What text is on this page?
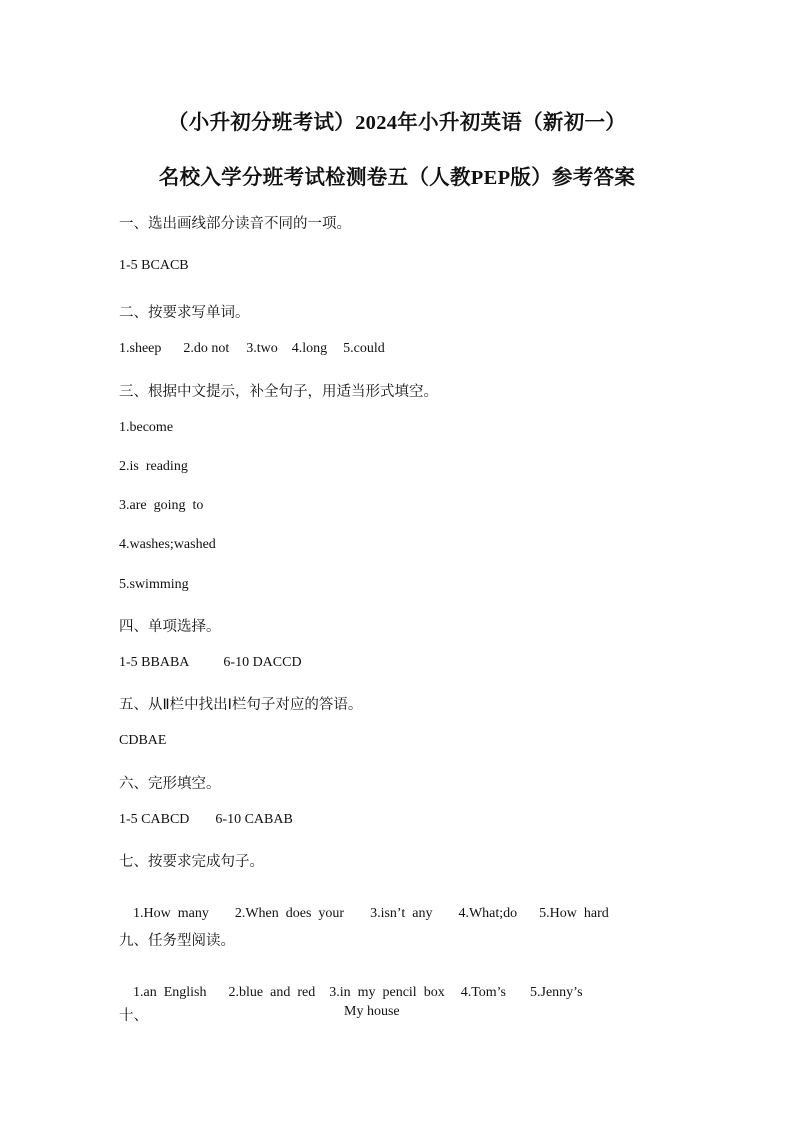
（小升初分班考试）2024年小升初英语（新初一）
名校入学分班考试检测卷五（人教PEP版）参考答案
一、选出画线部分读音不同的一项。
1-5 BCACB
二、按要求写单词。
1.sheep 2.do not 3.two 4.long 5.could
三、根据中文提示，补全句子，用适当形式填空。
1.become
2.is  reading
3.are  going  to
4.washes;washed
5.swimming
四、单项选择。
1-5 BBABA 6-10 DACCD
五、从Ⅱ栏中找出Ⅰ栏句子对应的答语。
CDBAE
六、完形填空。
1-5 CABCD 6-10 CABAB
七、按要求完成句子。

1.How  many 2.When  does  your 3.isn’t  any 4.What;do 5.How  hard

九、任务型阅读。

1.an  English 2.blue  and  red 3.in  my  pencil  box 4.Tom’s 5.Jenny’s

十、	My house
